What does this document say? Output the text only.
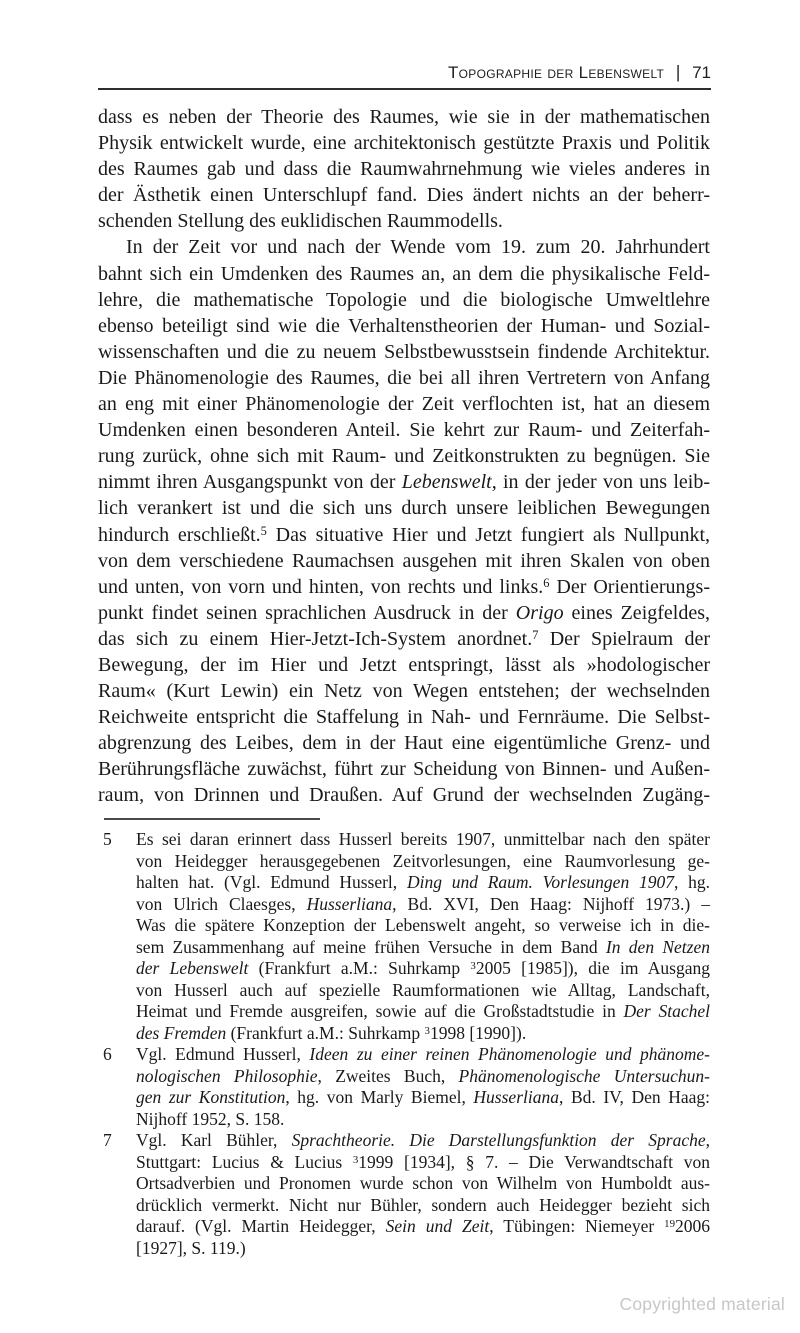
Topographie der Lebenswelt | 71
dass es neben der Theorie des Raumes, wie sie in der mathematischen
Physik entwickelt wurde, eine architektonisch gestützte Praxis und Politik
des Raumes gab und dass die Raumwahrnehmung wie vieles anderes in
der Ästhetik einen Unterschlupf fand. Dies ändert nichts an der beherr-
schenden Stellung des euklidischen Raummodells.
In der Zeit vor und nach der Wende vom 19. zum 20. Jahrhundert
bahnt sich ein Umdenken des Raumes an, an dem die physikalische Feld-
lehre, die mathematische Topologie und die biologische Umweltlehre
ebenso beteiligt sind wie die Verhaltenstheorien der Human- und Sozial-
wissenschaften und die zu neuem Selbstbewusstsein findende Architektur.
Die Phänomenologie des Raumes, die bei all ihren Vertretern von Anfang
an eng mit einer Phänomenologie der Zeit verflochten ist, hat an diesem
Umdenken einen besonderen Anteil. Sie kehrt zur Raum- und Zeiterfah-
rung zurück, ohne sich mit Raum- und Zeitkonstrukten zu begnügen. Sie
nimmt ihren Ausgangspunkt von der Lebenswelt, in der jeder von uns leib-
lich verankert ist und die sich uns durch unsere leiblichen Bewegungen
hindurch erschließt.$^5$ Das situative Hier und Jetzt fungiert als Nullpunkt,
von dem verschiedene Raumachsen ausgehen mit ihren Skalen von oben
und unten, von vorn und hinten, von rechts und links.$^6$ Der Orientierungs-
punkt findet seinen sprachlichen Ausdruck in der Origo eines Zeigfeldes,
das sich zu einem Hier-Jetzt-Ich-System anordnet.$^7$ Der Spielraum der
Bewegung, der im Hier und Jetzt entspringt, lässt als »hodologischer
Raum« (Kurt Lewin) ein Netz von Wegen entstehen; der wechselnden
Reichweite entspricht die Staffelung in Nah- und Fernräume. Die Selbst-
abgrenzung des Leibes, dem in der Haut eine eigentümliche Grenz- und
Berührungsfläche zuwächst, führt zur Scheidung von Binnen- und Außen-
raum, von Drinnen und Draußen. Auf Grund der wechselnden Zugäng-
5	Es sei daran erinnert dass Husserl bereits 1907, unmittelbar nach den später
von Heidegger herausgegebenen Zeitvorlesungen, eine Raumvorlesung ge-
halten hat. (Vgl. Edmund Husserl, Ding und Raum. Vorlesungen 1907, hg.
von Ulrich Claesges, Husserliana, Bd. XVI, Den Haag: Nijhoff 1973.) –
Was die spätere Konzeption der Lebenswelt angeht, so verweise ich in die-
sem Zusammenhang auf meine frühen Versuche in dem Band In den Netzen
der Lebenswelt (Frankfurt a.M.: Suhrkamp $^3$2005 [1985]), die im Ausgang
von Husserl auch auf spezielle Raumformationen wie Alltag, Landschaft,
Heimat und Fremde ausgreifen, sowie auf die Großstadtstudie in Der Stachel
des Fremden (Frankfurt a.M.: Suhrkamp $^3$1998 [1990]).
6	Vgl. Edmund Husserl, Ideen zu einer reinen Phänomenologie und phänome-
nologischen Philosophie, Zweites Buch, Phänomenologische Untersuchun-
gen zur Konstitution, hg. von Marly Biemel, Husserliana, Bd. IV, Den Haag:
Nijhoff 1952, S. 158.
7	Vgl. Karl Bühler, Sprachtheorie. Die Darstellungsfunktion der Sprache,
Stuttgart: Lucius & Lucius $^3$1999 [1934], § 7. – Die Verwandtschaft von
Ortsadverbien und Pronomen wurde schon von Wilhelm von Humboldt aus-
drücklich vermerkt. Nicht nur Bühler, sondern auch Heidegger bezieht sich
darauf. (Vgl. Martin Heidegger, Sein und Zeit, Tübingen: Niemeyer $^{19}$2006
[1927], S. 119.)
Copyrighted material
